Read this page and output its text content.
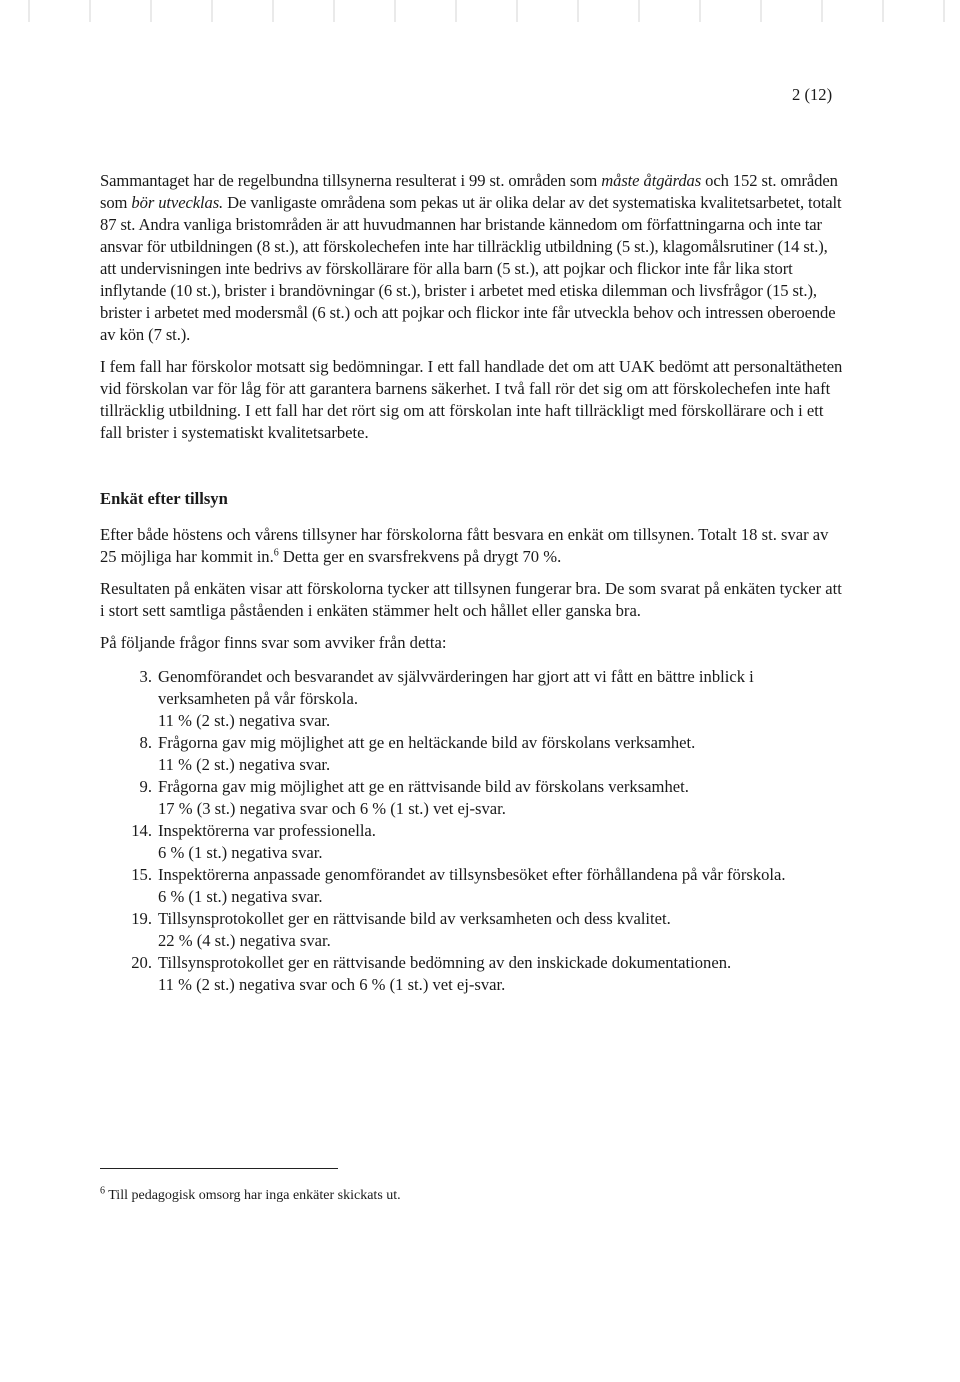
2 (12)

Sammantaget har de regelbundna tillsynerna resulterat i 99 st. områden som måste åtgärdas och 152 st. områden som bör utvecklas. De vanligaste områdena som pekas ut är olika delar av det systematiska kvalitetsarbetet, totalt 87 st. Andra vanliga bristområden är att huvudmannen har bristande kännedom om författningarna och inte tar ansvar för utbildningen (8 st.), att förskolechefen inte har tillräcklig utbildning (5 st.), klagomålsrutiner (14 st.), att undervisningen inte bedrivs av förskollärare för alla barn (5 st.), att pojkar och flickor inte får lika stort inflytande (10 st.), brister i brandövningar (6 st.), brister i arbetet med etiska dilemman och livsfrågor (15 st.), brister i arbetet med modersmål (6 st.) och att pojkar och flickor inte får utveckla behov och intressen oberoende av kön (7 st.).

I fem fall har förskolor motsatt sig bedömningar. I ett fall handlade det om att UAK bedömt att personaltätheten vid förskolan var för låg för att garantera barnens säkerhet. I två fall rör det sig om att förskolechefen inte haft tillräcklig utbildning. I ett fall har det rört sig om att förskolan inte haft tillräckligt med förskollärare och i ett fall brister i systematiskt kvalitetsarbete.

Enkät efter tillsyn

Efter både höstens och vårens tillsyner har förskolorna fått besvara en enkät om tillsynen. Totalt 18 st. svar av 25 möjliga har kommit in.$^6$ Detta ger en svarsfrekvens på drygt 70 %.

Resultaten på enkäten visar att förskolorna tycker att tillsynen fungerar bra. De som svarat på enkäten tycker att i stort sett samtliga påståenden i enkäten stämmer helt och hållet eller ganska bra.

På följande frågor finns svar som avviker från detta:

3. Genomförandet och besvarandet av självvärderingen har gjort att vi fått en bättre inblick i verksamheten på vår förskola.
11 % (2 st.) negativa svar.
8. Frågorna gav mig möjlighet att ge en heltäckande bild av förskolans verksamhet.
11 % (2 st.) negativa svar.
9. Frågorna gav mig möjlighet att ge en rättvisande bild av förskolans verksamhet.
17 % (3 st.) negativa svar och 6 % (1 st.) vet ej-svar.
14. Inspektörerna var professionella.
6 % (1 st.) negativa svar.
15. Inspektörerna anpassade genomförandet av tillsynsbesöket efter förhållandena på vår förskola.
6 % (1 st.) negativa svar.
19. Tillsynsprotokollet ger en rättvisande bild av verksamheten och dess kvalitet.
22 % (4 st.) negativa svar.
20. Tillsynsprotokollet ger en rättvisande bedömning av den inskickade dokumentationen.
11 % (2 st.) negativa svar och 6 % (1 st.) vet ej-svar.
$^6$ Till pedagogisk omsorg har inga enkäter skickats ut.
